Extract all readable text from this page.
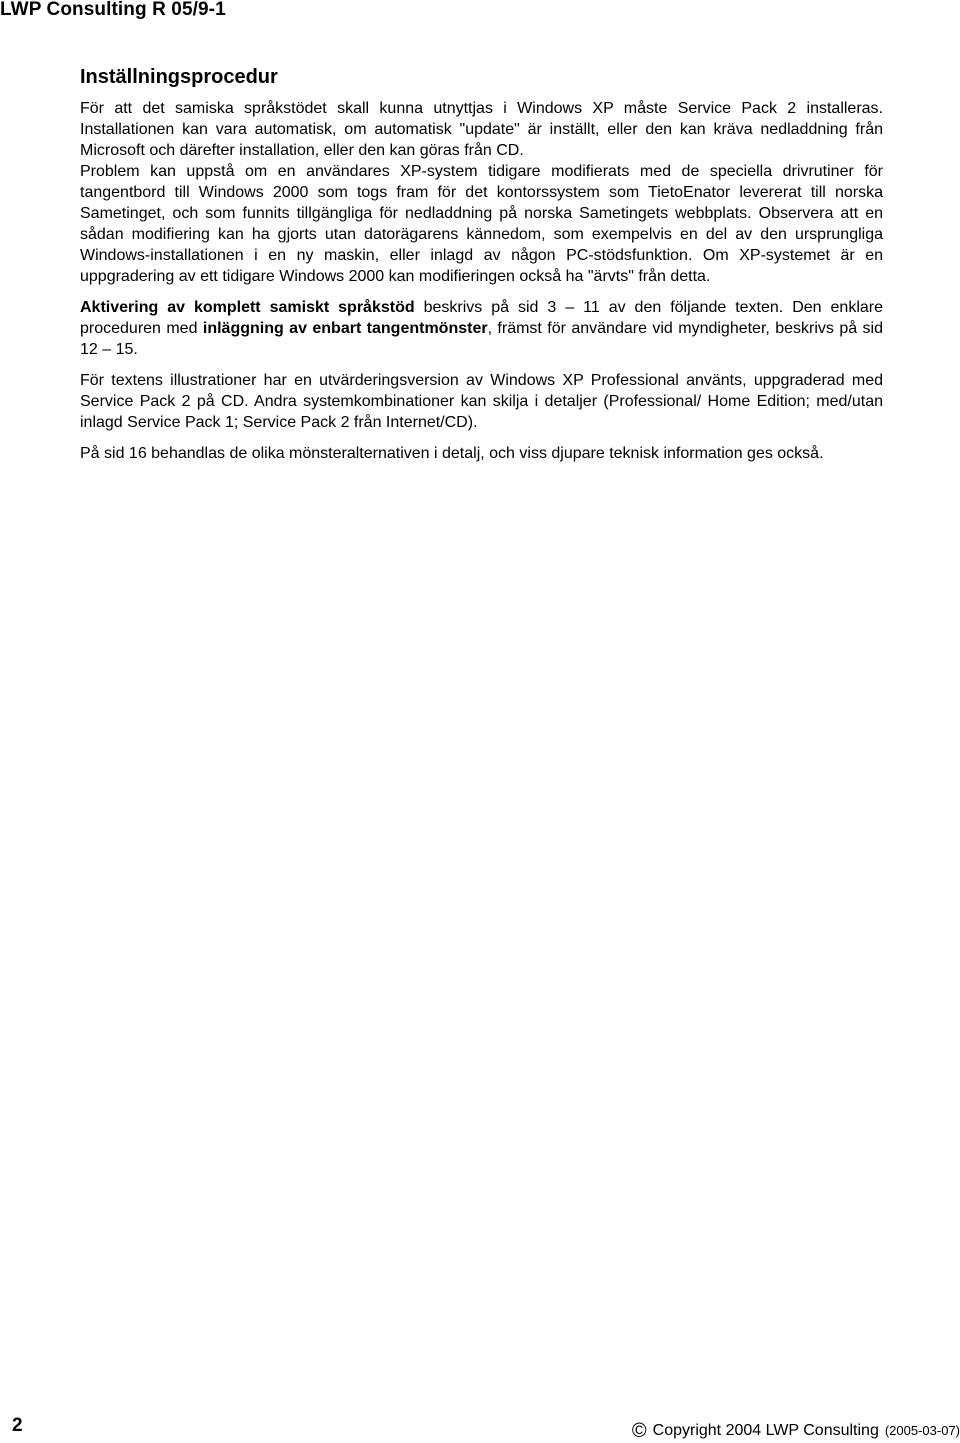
LWP Consulting R 05/9-1
Inställningsprocedur

För att det samiska språkstödet skall kunna utnyttjas i Windows XP måste Service Pack 2 installeras. Installationen kan vara automatisk, om automatisk "update" är inställt, eller den kan kräva nedladdning från Microsoft och därefter installation, eller den kan göras från CD.

Problem kan uppstå om en användares XP-system tidigare modifierats med de speciella drivrutiner för tangentbord till Windows 2000 som togs fram för det kontorssystem som TietoEnator levererat till norska Sametinget, och som funnits tillgängliga för nedladdning på norska Sametingets webbplats. Observera att en sådan modifiering kan ha gjorts utan datorägarens kännedom, som exempelvis en del av den ursprungliga Windows-installationen i en ny maskin, eller inlagd av någon PC-stödsfunktion. Om XP-systemet är en uppgradering av ett tidigare Windows 2000 kan modifieringen också ha "ärvts" från detta.

Aktivering av komplett samiskt språkstöd beskrivs på sid 3 – 11 av den följande texten. Den enklare proceduren med inläggning av enbart tangentmönster, främst för användare vid myndigheter, beskrivs på sid 12 – 15.

För textens illustrationer har en utvärderingsversion av Windows XP Professional använts, uppgraderad med Service Pack 2 på CD. Andra systemkombinationer kan skilja i detaljer (Professional/ Home Edition; med/utan inlagd Service Pack 1; Service Pack 2 från Internet/CD).

På sid 16 behandlas de olika mönsteralternativen i detalj, och viss djupare teknisk information ges också.

2	© Copyright 2004 LWP Consulting (2005-03-07)
